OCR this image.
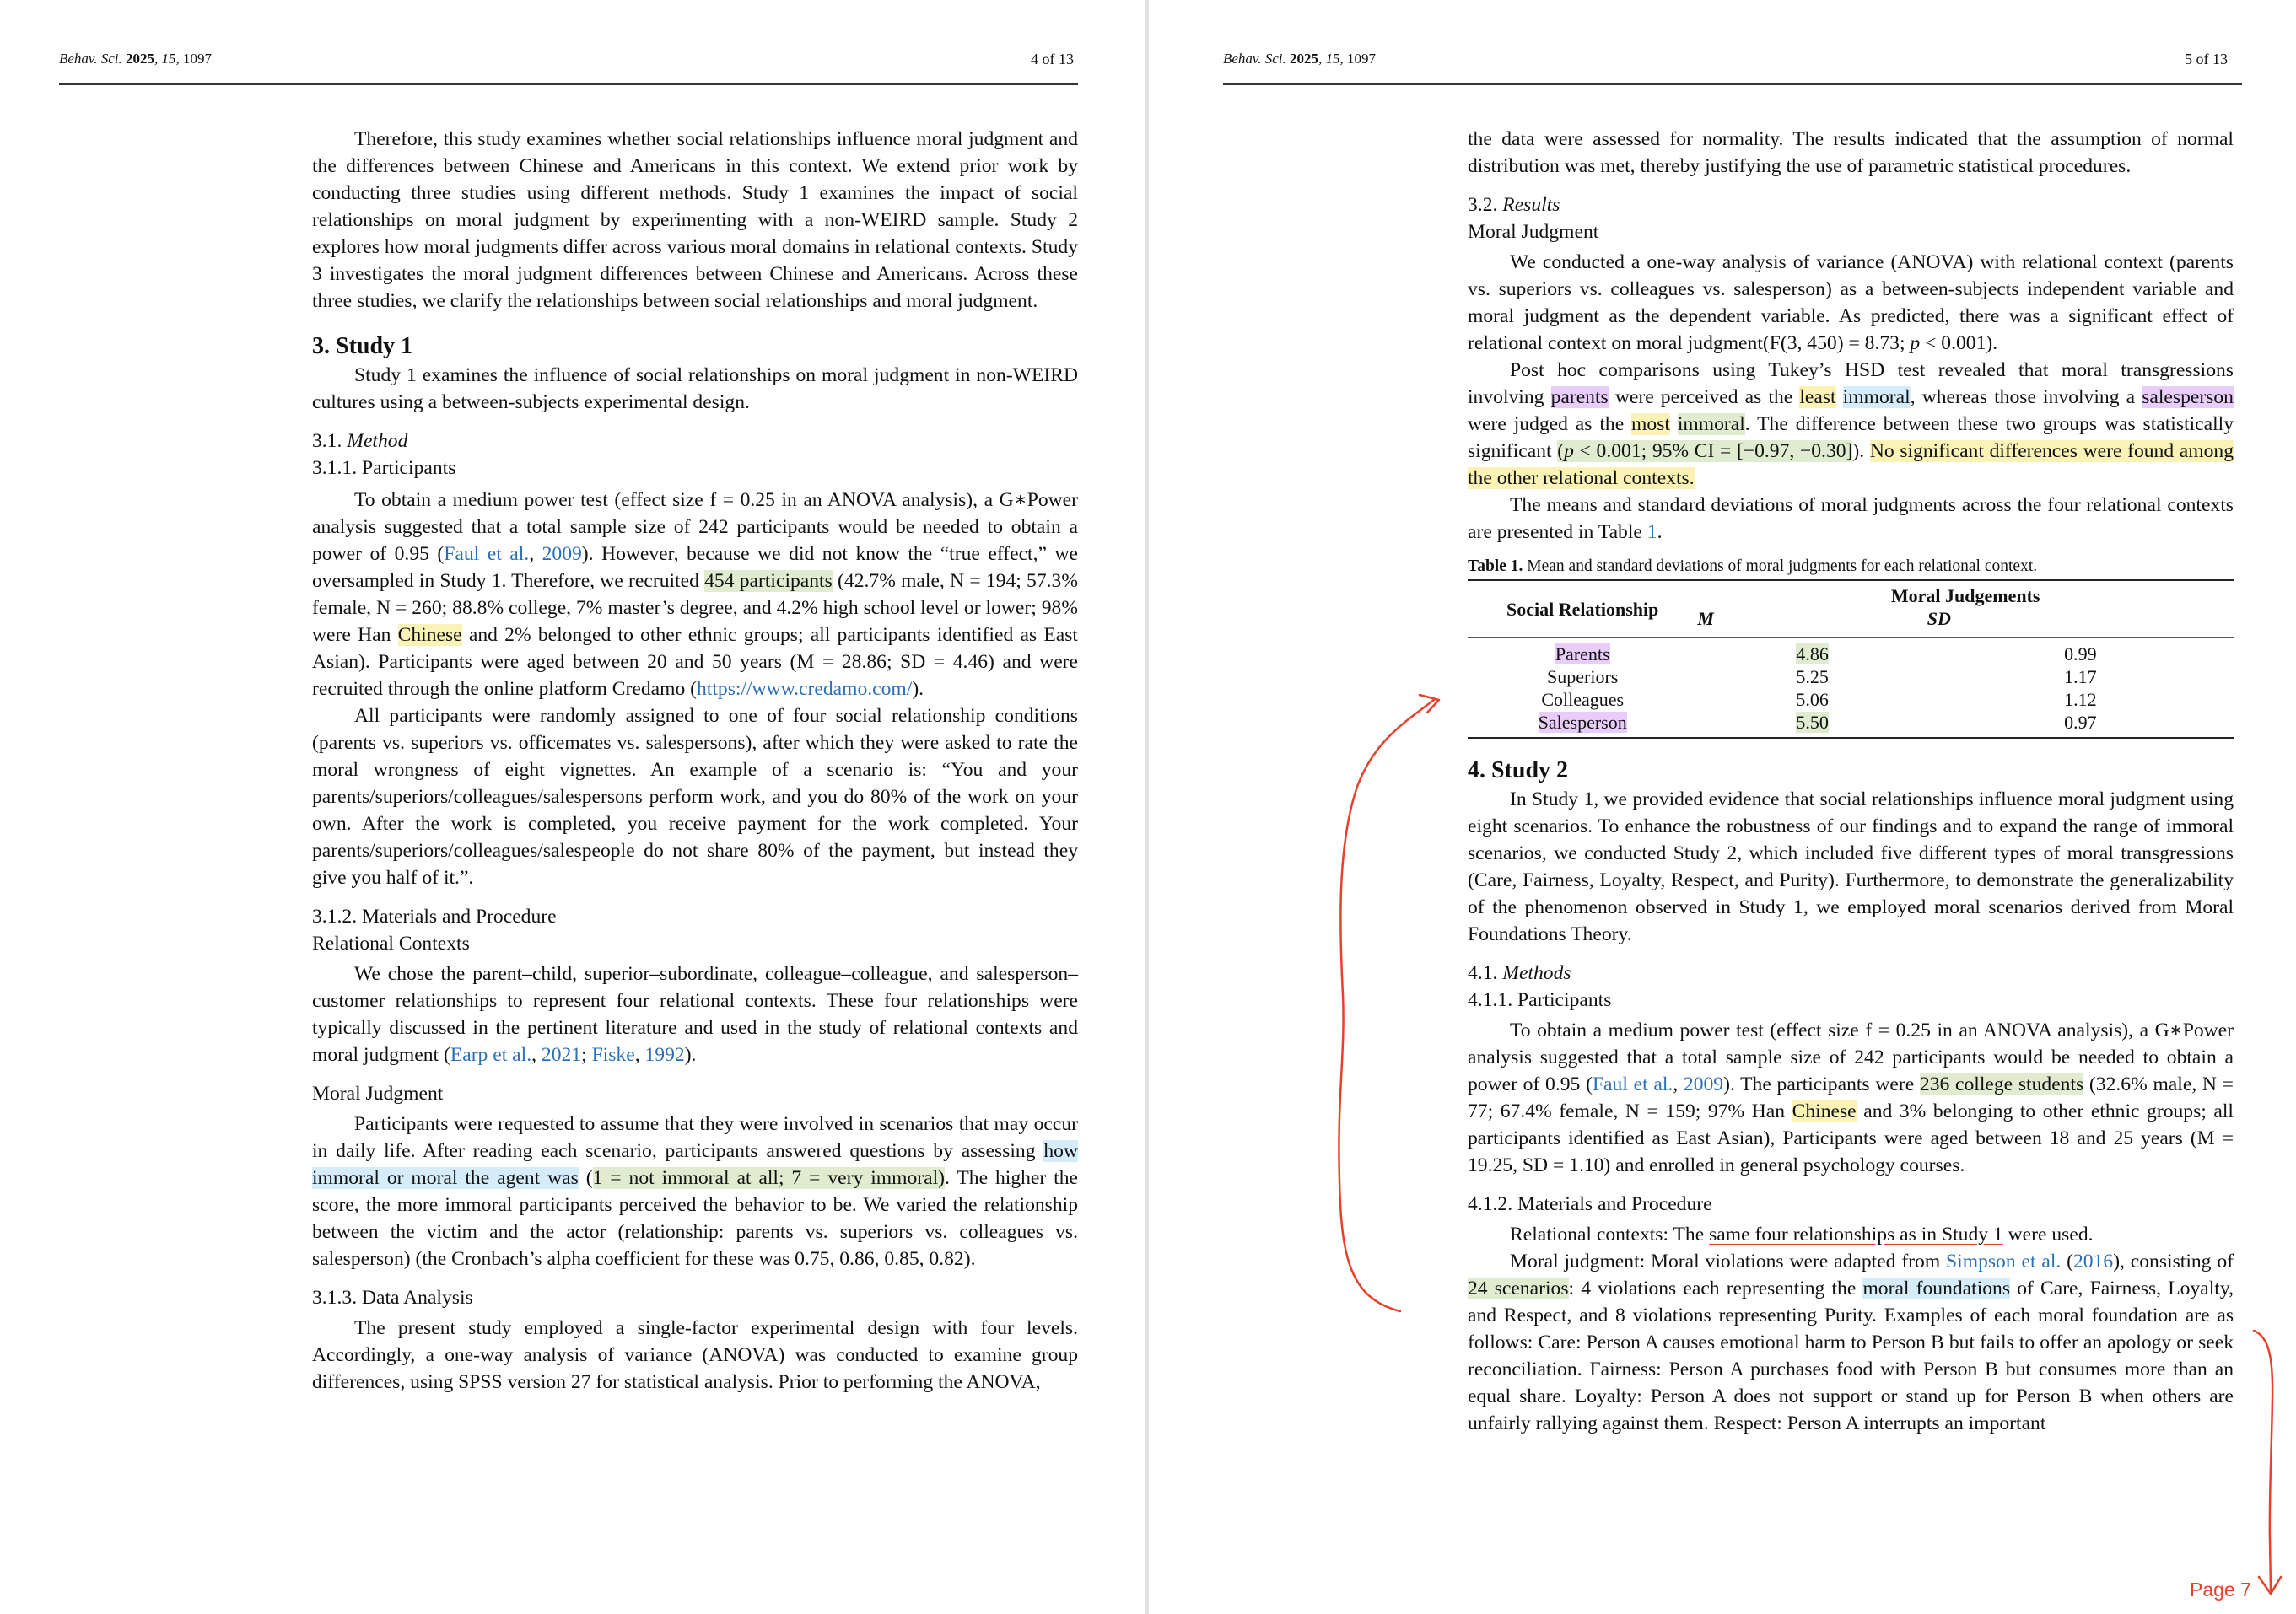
Behav. Sci. 2025, 15, 1097	4 of 13

Therefore, this study examines whether social relationships influence moral judgment and the differences between Chinese and Americans in this context. We extend prior work by conducting three studies using different methods. Study 1 examines the impact of social relationships on moral judgment by experimenting with a non-WEIRD sample. Study 2 explores how moral judgments differ across various moral domains in relational contexts. Study 3 investigates the moral judgment differences between Chinese and Americans. Across these three studies, we clarify the relationships between social relationships and moral judgment.

3. Study 1

Study 1 examines the influence of social relationships on moral judgment in non-WEIRD cultures using a between-subjects experimental design.

3.1. Method

3.1.1. Participants

To obtain a medium power test (effect size f = 0.25 in an ANOVA analysis), a G∗Power analysis suggested that a total sample size of 242 participants would be needed to obtain a power of 0.95 (Faul et al., 2009). However, because we did not know the “true effect,” we oversampled in Study 1. Therefore, we recruited 454 participants (42.7% male, N = 194; 57.3% female, N = 260; 88.8% college, 7% master’s degree, and 4.2% high school level or lower; 98% were Han Chinese and 2% belonged to other ethnic groups; all participants identified as East Asian). Participants were aged between 20 and 50 years (M = 28.86; SD = 4.46) and were recruited through the online platform Credamo (https://www.credamo.com/).

All participants were randomly assigned to one of four social relationship conditions (parents vs. superiors vs. officemates vs. salespersons), after which they were asked to rate the moral wrongness of eight vignettes. An example of a scenario is: “You and your parents/superiors/colleagues/salespersons perform work, and you do 80% of the work on your own. After the work is completed, you receive payment for the work completed. Your parents/superiors/colleagues/salespeople do not share 80% of the payment, but instead they give you half of it.”.

3.1.2. Materials and Procedure

Relational Contexts

We chose the parent–child, superior–subordinate, colleague–colleague, and salesperson–customer relationships to represent four relational contexts. These four relationships were typically discussed in the pertinent literature and used in the study of relational contexts and moral judgment (Earp et al., 2021; Fiske, 1992).

Moral Judgment

Participants were requested to assume that they were involved in scenarios that may occur in daily life. After reading each scenario, participants answered questions by assessing how immoral or moral the agent was (1 = not immoral at all; 7 = very immoral). The higher the score, the more immoral participants perceived the behavior to be. We varied the relationship between the victim and the actor (relationship: parents vs. superiors vs. colleagues vs. salesperson) (the Cronbach’s alpha coefficient for these was 0.75, 0.86, 0.85, 0.82).

3.1.3. Data Analysis

The present study employed a single-factor experimental design with four levels. Accordingly, a one-way analysis of variance (ANOVA) was conducted to examine group differences, using SPSS version 27 for statistical analysis. Prior to performing the ANOVA,

Behav. Sci. 2025, 15, 1097	5 of 13

the data were assessed for normality. The results indicated that the assumption of normal distribution was met, thereby justifying the use of parametric statistical procedures.

3.2. Results

Moral Judgment

We conducted a one-way analysis of variance (ANOVA) with relational context (parents vs. superiors vs. colleagues vs. salesperson) as a between-subjects independent variable and moral judgment as the dependent variable. As predicted, there was a significant effect of relational context on moral judgment(F(3, 450) = 8.73; p < 0.001).

Post hoc comparisons using Tukey’s HSD test revealed that moral transgressions involving parents were perceived as the least immoral, whereas those involving a salesperson were judged as the most immoral. The difference between these two groups was statistically significant (p < 0.001; 95% CI = [−0.97, −0.30]). No significant differences were found among the other relational contexts.

The means and standard deviations of moral judgments across the four relational contexts are presented in Table 1.

Table 1. Mean and standard deviations of moral judgments for each relational context.

Social Relationship	Moral Judgements	
	M	SD

Parents	4.86	0.99
Superiors	5.25	1.17
Colleagues	5.06	1.12
Salesperson	5.50	0.97

4. Study 2

In Study 1, we provided evidence that social relationships influence moral judgment using eight scenarios. To enhance the robustness of our findings and to expand the range of immoral scenarios, we conducted Study 2, which included five different types of moral transgressions (Care, Fairness, Loyalty, Respect, and Purity). Furthermore, to demonstrate the generalizability of the phenomenon observed in Study 1, we employed moral scenarios derived from Moral Foundations Theory.

4.1. Methods

4.1.1. Participants

To obtain a medium power test (effect size f = 0.25 in an ANOVA analysis), a G∗Power analysis suggested that a total sample size of 242 participants would be needed to obtain a power of 0.95 (Faul et al., 2009). The participants were 236 college students (32.6% male, N = 77; 67.4% female, N = 159; 97% Han Chinese and 3% belonging to other ethnic groups; all participants identified as East Asian), Participants were aged between 18 and 25 years (M = 19.25, SD = 1.10) and enrolled in general psychology courses.

4.1.2. Materials and Procedure

Relational contexts: The same four relationships as in Study 1 were used.

Moral judgment: Moral violations were adapted from Simpson et al. (2016), consisting of 24 scenarios: 4 violations each representing the moral foundations of Care, Fairness, Loyalty, and Respect, and 8 violations representing Purity. Examples of each moral foundation are as follows: Care: Person A causes emotional harm to Person B but fails to offer an apology or seek reconciliation. Fairness: Person A purchases food with Person B but consumes more than an equal share. Loyalty: Person A does not support or stand up for Person B when others are unfairly rallying against them. Respect: Person A interrupts an important

Page 7
